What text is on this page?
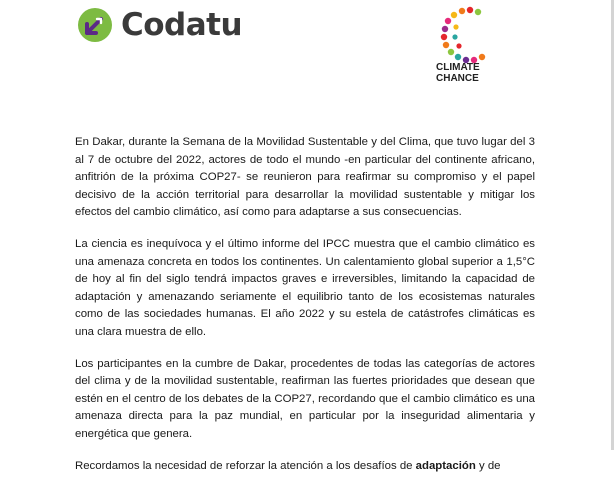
Codatu
CLIMATE
CHANCE

En Dakar, durante la Semana de la Movilidad Sustentable y del Clima, que tuvo lugar del 3 al 7 de octubre del 2022, actores de todo el mundo -en particular del continente africano, anfitrión de la próxima COP27- se reunieron para reafirmar su compromiso y el papel decisivo de la acción territorial para desarrollar la movilidad sustentable y mitigar los efectos del cambio climático, así como para adaptarse a sus consecuencias.

La ciencia es inequívoca y el último informe del IPCC muestra que el cambio climático es una amenaza concreta en todos los continentes. Un calentamiento global superior a 1,5°C de hoy al fin del siglo tendrá impactos graves e irreversibles, limitando la capacidad de adaptación y amenazando seriamente el equilibrio tanto de los ecosistemas naturales como de las sociedades humanas. El año 2022 y su estela de catástrofes climáticas es una clara muestra de ello.

Los participantes en la cumbre de Dakar, procedentes de todas las categorías de actores del clima y de la movilidad sustentable, reafirman las fuertes prioridades que desean que estén en el centro de los debates de la COP27, recordando que el cambio climático es una amenaza directa para la paz mundial, en particular por la inseguridad alimentaria y energética que genera.

Recordamos la necesidad de reforzar la atención a los desafíos de adaptación y de
